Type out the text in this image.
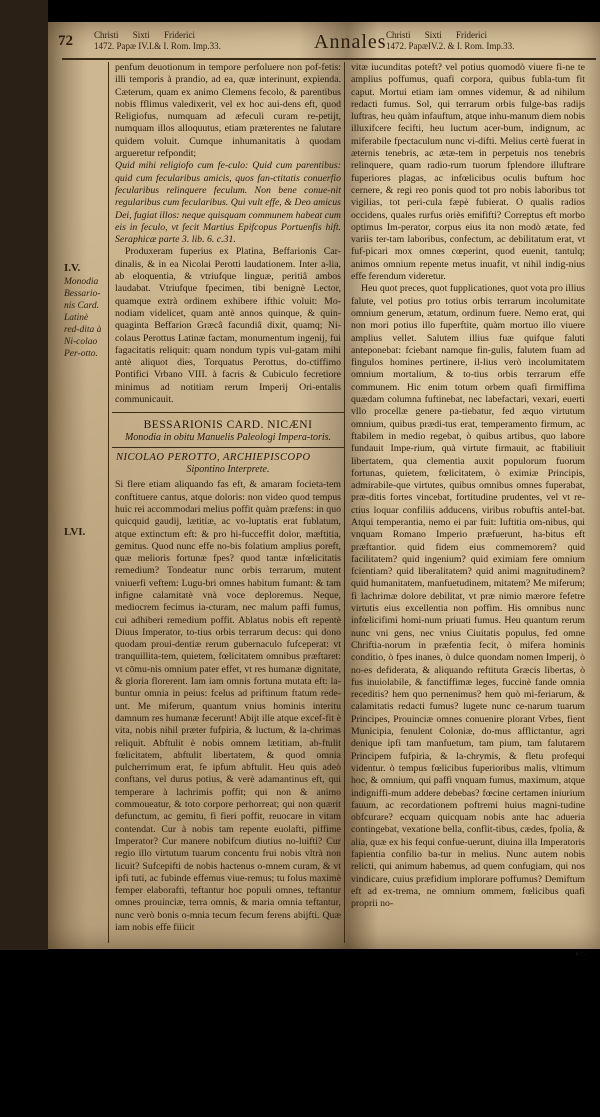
72 Christi Sixti Friderici
1472. Papæ IV.I.& I. Rom. Imp.33.	Annales Christi Sixti Friderici
1472. PapæIV.2. & I. Rom. Imp.33.
I.V.
Monodia Bessario-nis Card. Latinè red-dita à Ni-colao Per-otto.
LVI.

penfum deuotionum in tempore perfoluere non pof-fetis: illi temporis à prandio, ad ea, quæ interinunt, expienda. Cæterum, quam ex animo Clemens fecolo, & parentibus nobis fflimus valedixerit, vel ex hoc aui-dens eft, quod Religiofus, numquam ad æfeculi curam re-petijt, numquam illos alloquutus, etiam præterentes ne falutare quidem voluit. Cumque inhumanitatis à quodam argueretur refpondit;

Quid mihi religiofo cum fe-culo: Quid cum parentibus: quid cum fecularibus amicis, quos fan-ctitatis conuerfio fecularibus relinquere feculum. Non bene conue-nit regularibus cum fecularibus. Qui vult effe, & Deo amicus Dei, fugiat illos: neque quisquam communem habeat cum eis in feculo, vt fecit Martius Epifcopus Portuenfis hift. Seraphicæ parte 3. lib. 6. c.31.

Produxeram fuperius ex Platina, Beffarionis Car-dinalis, & in ea Nicolai Perotti laudationem. Inter a-lia, ab eloquentia, & vtriufque linguæ, peritiâ ambos laudabat. Vtriufque fpecimen, tibi benignè Lector, quamque extrà ordinem exhibere ifthic voluit: Mo-nodiam videlicet, quam antè annos quinque, & quin-quaginta Beffarion Græcâ facundiâ dixit, quamq; Ni-colaus Perottus Latinæ factam, monumentum ingenij, fui fagacitatis reliquit: quam nondum typis vul-gatam mihi antè aliquot dies, Torquatus Perottus, do-ctiffimo Pontifici Vrbano VIII. à facris & Cubiculo fecretiore minimus ad notitiam rerum Imperij Ori-entalis communicauit.

BESSARIONIS CARD. NICÆNI
Monodia in obitu Manuelis Paleologi Impera-toris.
NICOLAO PEROTTO, ARCHIEPISCOPO
Sipontino Interprete.

Si flere etiam aliquando fas eft, & amaram focieta-tem conftituere cantus, atque doloris: non video quod tempus huic rei accommodari melius poffit quàm præfens: in quo quicquid gaudij, lætitiæ, ac vo-luptatis erat fublatum, atque extinctum eft: & pro hi-fucceffit dolor, mæftitia, gemitus. Quod nunc effe no-bis folatium amplius poreft, quæ melioris fortunæ fpes? quod tantæ infœlicitatis remedium? Tondeatur nunc orbis terrarum, mutent vniuerfi veftem: Lugu-bri omnes habitum fumant: & tam infigne calamitatè vnà voce deploremus. Neque, mediocrem fecimus ia-cturam, nec malum paffi fumus, cui adhiberi remedium poffit. Ablatus nobis eft repentè Diuus Imperator, to-tius orbis terrarum decus: qui dono quodam proui-dentiæ rerum gubernaculo fufceperat: vt tranquillita-tem, quietem, fœlicitatem omnibus præftaret: vt cōmu-nis omnium pater effet, vt res humanæ dignitate, & gloria florerent. Iam iam omnis fortuna mutata eft: la-buntur omnia in peius: fcelus ad priftinum ftatum rede-unt. Me miferum, quantum vnius hominis interitu damnum res humanæ fecerunt! Abijt ille atque excef-fit è vita, nobis nihil præter fufpiria, & luctum, & la-chrimas reliquit. Abftulit è nobis omnem lætitiam, ab-ftulit fœlicitatem, abftulit libertatem, & quod omnia pulcherrimum erat, fe ipfum abftulit. Heu quis adeò conftans, vel durus potius, & verè adamantinus eft, qui temperare à lachrimis poffit; qui non & animo commoueatur, & toto corpore perhorreat; qui non quærit defunctum, ac gemitu, fi fieri poffit, reuocare in vitam contendat. Cur à nobis tam repente euolafti, piffime Imperator? Cur manere nobifcum diutius no-luifti? Cur regio illo virtutum tuarum concentu frui nobis vltrà non licuit? Sufcepifti de nobis hactenus o-mnem curam, & vt ipfi tuti, ac fubinde effemus viue-remus; tu folus maximè femper elaborafti, teftantur hoc populi omnes, teftantur omnes prouinciæ, terra omnis, & maria omnia teftantur, nunc verò bonis o-mnia tecum fecum ferens abijfti. Quæ iam nobis effe fiiicit

vitæ iucunditas poteft? vel potius quomodò viuere fi-ne te amplius poffumus, quafi corpora, quibus fubla-tum fit caput. Mortui etiam iam omnes videmur, & ad nihilum redacti fumus. Sol, qui terrarum orbis fulge-bas radijs luftras, heu quàm infauftum, atque inhu-manum diem nobis illuxifcere fecifti, heu luctum acer-bum, indignum, ac miferabile fpectaculum nunc vi-difti. Melius certè fuerat in æternis tenebris, ac ætæ-tem in perpetuis nos tenebris relinquere, quam radio-rum tuorum fplendore illuftrare fuperiores plagas, ac infœlicibus oculis buftum hoc cernere, & regi reo ponis quod tot pro nobis laboribus tot vigilias, tot peri-cula fæpè fubierat. O qualis radios occidens, quales rurfus oriès emififti? Correptus eft morbo optimus Im-perator, corpus eius ita non modò ætate, fed variis ter-tam laboribus, confectum, ac debilitatum erat, vt fuf-picari mox omnes cœperint, quod euenit, tantulq; animos omnium repente metus inuafit, vt nihil indig-nius effe ferendum videretur.

Heu quot preces, quot fupplicationes, quot vota pro illius falute, vel potius pro totius orbis terrarum incolumitate omnium generum, ætatum, ordinum fuere. Nemo erat, qui non mori potius illo fuperftite, quàm mortuo illo viuere amplius vellet. Salutem illius fuæ quifque faluti anteponebat: fciebant namque fin-gulis, falutem fuam ad fingulos homines pertinere, il-lius verò incolumitatem omnium mortalium, & to-tius orbis terrarum effe communem. Hic enim totum orbem quafi firmiffima quædam columna fuftinebat, nec labefactari, vexari, euerti vllo procellæ genere pa-tiebatur, fed æquo virtutum omnium, quibus prædi-tus erat, temperamento firmum, ac ftabilem in medio regebat, ò quibus artibus, quo labore fundauit Impe-rium, quà virtute firmauit, ac ftabiliuit libertatem, qua clementia auxit populorum fuorum fortunas, quietem, fœlicitatem, ò eximiæ Principis, admirabile-que virtutes, quibus omnibus omnes fuperabat, præ-ditis fortes vincebat, fortitudine prudentes, vel vt re-ctius loquar confiliis adducens, viribus robuftis anteI-bat. Atqui temperantia, nemo ei par fuit: Iuftitia om-nibus, qui vnquam Romano Imperio præfuerunt, ha-bitus eft præftantior. quid fidem eius commemorem? quid facilitatem? quid ingenium? quid eximiam fere omnium fcientiam? quid liberalitatem? quid animi magnitudinem? quid humanitatem, manfuetudinem, mitatem? Me miferum; fi lachrimæ dolore debilitat, vt præ nimio mærore fefetre virtutis eius excellentia non poffim. His omnibus nunc infœlicifimi homi-num priuati fumus. Heu quantum rerum nunc vni gens, nec vnius Ciuitatis populus, fed omne Chriftia-norum in præfentia fecit, ò mifera hominis conditio, ò fpes inanes, ò dulce quondam nomen Imperij, ò no-es defiderata, & aliquando reftituta Græcis libertas, ò fus inuiolabile, & fanctiffimæ leges, fuccinè fande omnia receditis? hem quo pernenimus? hem quò mi-feriarum, & calamitatis redacti fumus? lugete nunc ce-narum tuarum Principes, Prouinciæ omnes conuenire plorant Vrbes, fient Municipia, fenulent Coloniæ, do-mus afflictantur, agri denique ipfi tam manfuetum, tam pium, tam falutarem Principem fufpiria, & la-chrymis, & fletu profequi videntur. ò tempus fœlicibus fuperioribus malis, vltimum hoc, & omnium, qui paffi vnquam fumus, maximum, atque indigniffi-mum addere debebas? fœcine certamen iniurium fauum, ac recordationem poftremi huius magni-tudine obfcurare? ecquam quicquam nobis ante hac adueria contingebat, vexatione bella, conflit-tibus, cædes, fpolia, & alia, quæ ex his fequi confue-uerunt, diuina illa Imperatoris fapientia confilio ba-tur in melius. Nunc autem nobis relicti, qui animum habemus, ad quem confugiam, qui nos vindicare, cuius præfidium implorare poffumus? Demiftum eft ad ex-trema, ne omnium ommem, fœlicibus quafi proprii no-
